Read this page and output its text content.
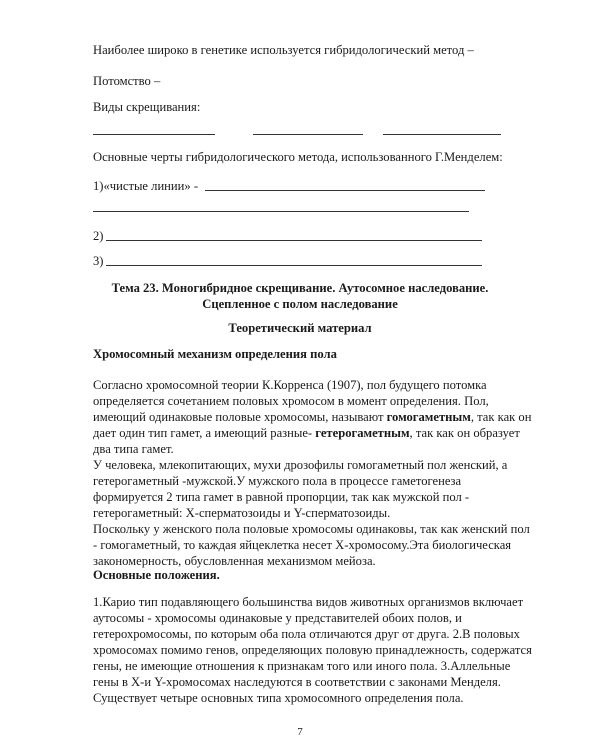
Наиболее широко в генетике используется гибридологический метод –
Потомство –
Виды скрещивания:
Основные черты гибридологического метода, использованного Г.Менделем:
1)«чистые линии» -
2)
3)
Тема 23. Моногибридное скрещивание. Аутосомное наследование.
Сцепленное с полом наследование
Теоретический материал
Хромосомный механизм определения пола

Согласно хромосомной теории К.Корренса (1907), пол будущего потомка определяется сочетанием половых хромосом в момент определения. Пол, имеющий одинаковые половые хромосомы, называют гомогаметным, так как он дает один тип гамет, а имеющий разные- гетерогаметным, так как он образует два типа гамет.

У человека, млекопитающих, мухи дрозофилы гомогаметный пол женский, а гетерогаметный -мужской.У мужского пола в процессе гаметогенеза формируется 2 типа гамет в равной пропорции, так как мужской пол - гетерогаметный: Х-сперматозоиды и Y-сперматозоиды.

Поскольку у женского пола половые хромосомы одинаковы, так как женский пол - гомогаметный, то каждая яйцеклетка несет Х-хромосому.Эта биологическая закономерность, обусловленная механизмом мейоза.

Основные положения.

1.Карио тип подавляющего большинства видов животных организмов включает аутосомы - хромосомы одинаковые у представителей обоих полов, и гетерохромосомы, по которым оба пола отличаются друг от друга. 2.В половых хромосомах помимо генов, определяющих половую принадлежность, содержатся гены, не имеющие отношения к признакам того или иного пола. 3.Аллельные гены в Х-и Y-хромосомах наследуются в соответствии с законами Менделя. Существует четыре основных типа хромосомного определения пола.

7
